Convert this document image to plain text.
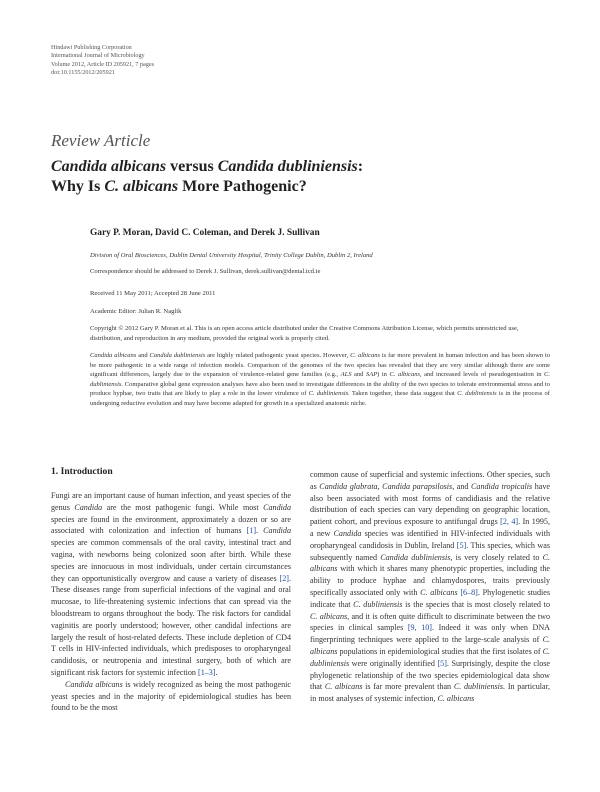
Hindawi Publishing Corporation
International Journal of Microbiology
Volume 2012, Article ID 205921, 7 pages
doi:10.1155/2012/205921
Review Article
Candida albicans versus Candida dubliniensis:
Why Is C. albicans More Pathogenic?
Gary P. Moran, David C. Coleman, and Derek J. Sullivan
Division of Oral Biosciences, Dublin Dental University Hospital, Trinity College Dublin, Dublin 2, Ireland
Correspondence should be addressed to Derek J. Sullivan, derek.sullivan@dental.tcd.ie
Received 11 May 2011; Accepted 28 June 2011
Academic Editor: Julian R. Naglik
Copyright © 2012 Gary P. Moran et al. This is an open access article distributed under the Creative Commons Attribution License, which permits unrestricted use, distribution, and reproduction in any medium, provided the original work is properly cited.
Candida albicans and Candida dubliniensis are highly related pathogenic yeast species. However, C. albicans is far more prevalent in human infection and has been shown to be more pathogenic in a wide range of infection models. Comparison of the genomes of the two species has revealed that they are very similar although there are some significant differences, largely due to the expansion of virulence-related gene families (e.g., ALS and SAP) in C. albicans, and increased levels of pseudogenisation in C. dubliniensis. Comparative global gene expression analyses have also been used to investigate differences in the ability of the two species to tolerate environmental stress and to produce hyphae, two traits that are likely to play a role in the lower virulence of C. dubliniensis. Taken together, these data suggest that C. dubliniensis is in the process of undergoing reductive evolution and may have become adapted for growth in a specialized anatomic niche.
1. Introduction

Fungi are an important cause of human infection, and yeast species of the genus Candida are the most pathogenic fungi. While most Candida species are found in the environment, approximately a dozen or so are associated with colonization and infection of humans [1]. Candida species are common commensals of the oral cavity, intestinal tract and vagina, with newborns being colonized soon after birth. While these species are innocuous in most individuals, under certain circumstances they can opportunistically overgrow and cause a variety of diseases [2]. These diseases range from superficial infections of the vaginal and oral mucosae, to life-threatening systemic infections that can spread via the bloodstream to organs throughout the body. The risk factors for candidal vaginitis are poorly understood; however, other candidal infections are largely the result of host-related defects. These include depletion of CD4 T cells in HIV-infected individuals, which predisposes to oropharyngeal candidosis, or neutropenia and intestinal surgery, both of which are significant risk factors for systemic infection [1–3].

Candida albicans is widely recognized as being the most pathogenic yeast species and in the majority of epidemiological studies has been found to be the most

common cause of superficial and systemic infections. Other species, such as Candida glabrata, Candida parapsilosis, and Candida tropicalis have also been associated with most forms of candidiasis and the relative distribution of each species can vary depending on geographic location, patient cohort, and previous exposure to antifungal drugs [2, 4]. In 1995, a new Candida species was identified in HIV-infected individuals with oropharyngeal candidosis in Dublin, Ireland [5]. This species, which was subsequently named Candida dubliniensis, is very closely related to C. albicans with which it shares many phenotypic properties, including the ability to produce hyphae and chlamydospores, traits previously specifically associated only with C. albicans [6–8]. Phylogenetic studies indicate that C. dubliniensis is the species that is most closely related to C. albicans, and it is often quite difficult to discriminate between the two species in clinical samples [9, 10]. Indeed it was only when DNA fingerprinting techniques were applied to the large-scale analysis of C. albicans populations in epidemiological studies that the first isolates of C. dubliniensis were originally identified [5]. Surprisingly, despite the close phylogenetic relationship of the two species epidemiological data show that C. albicans is far more prevalent than C. dubliniensis. In particular, in most analyses of systemic infection, C. albicans
